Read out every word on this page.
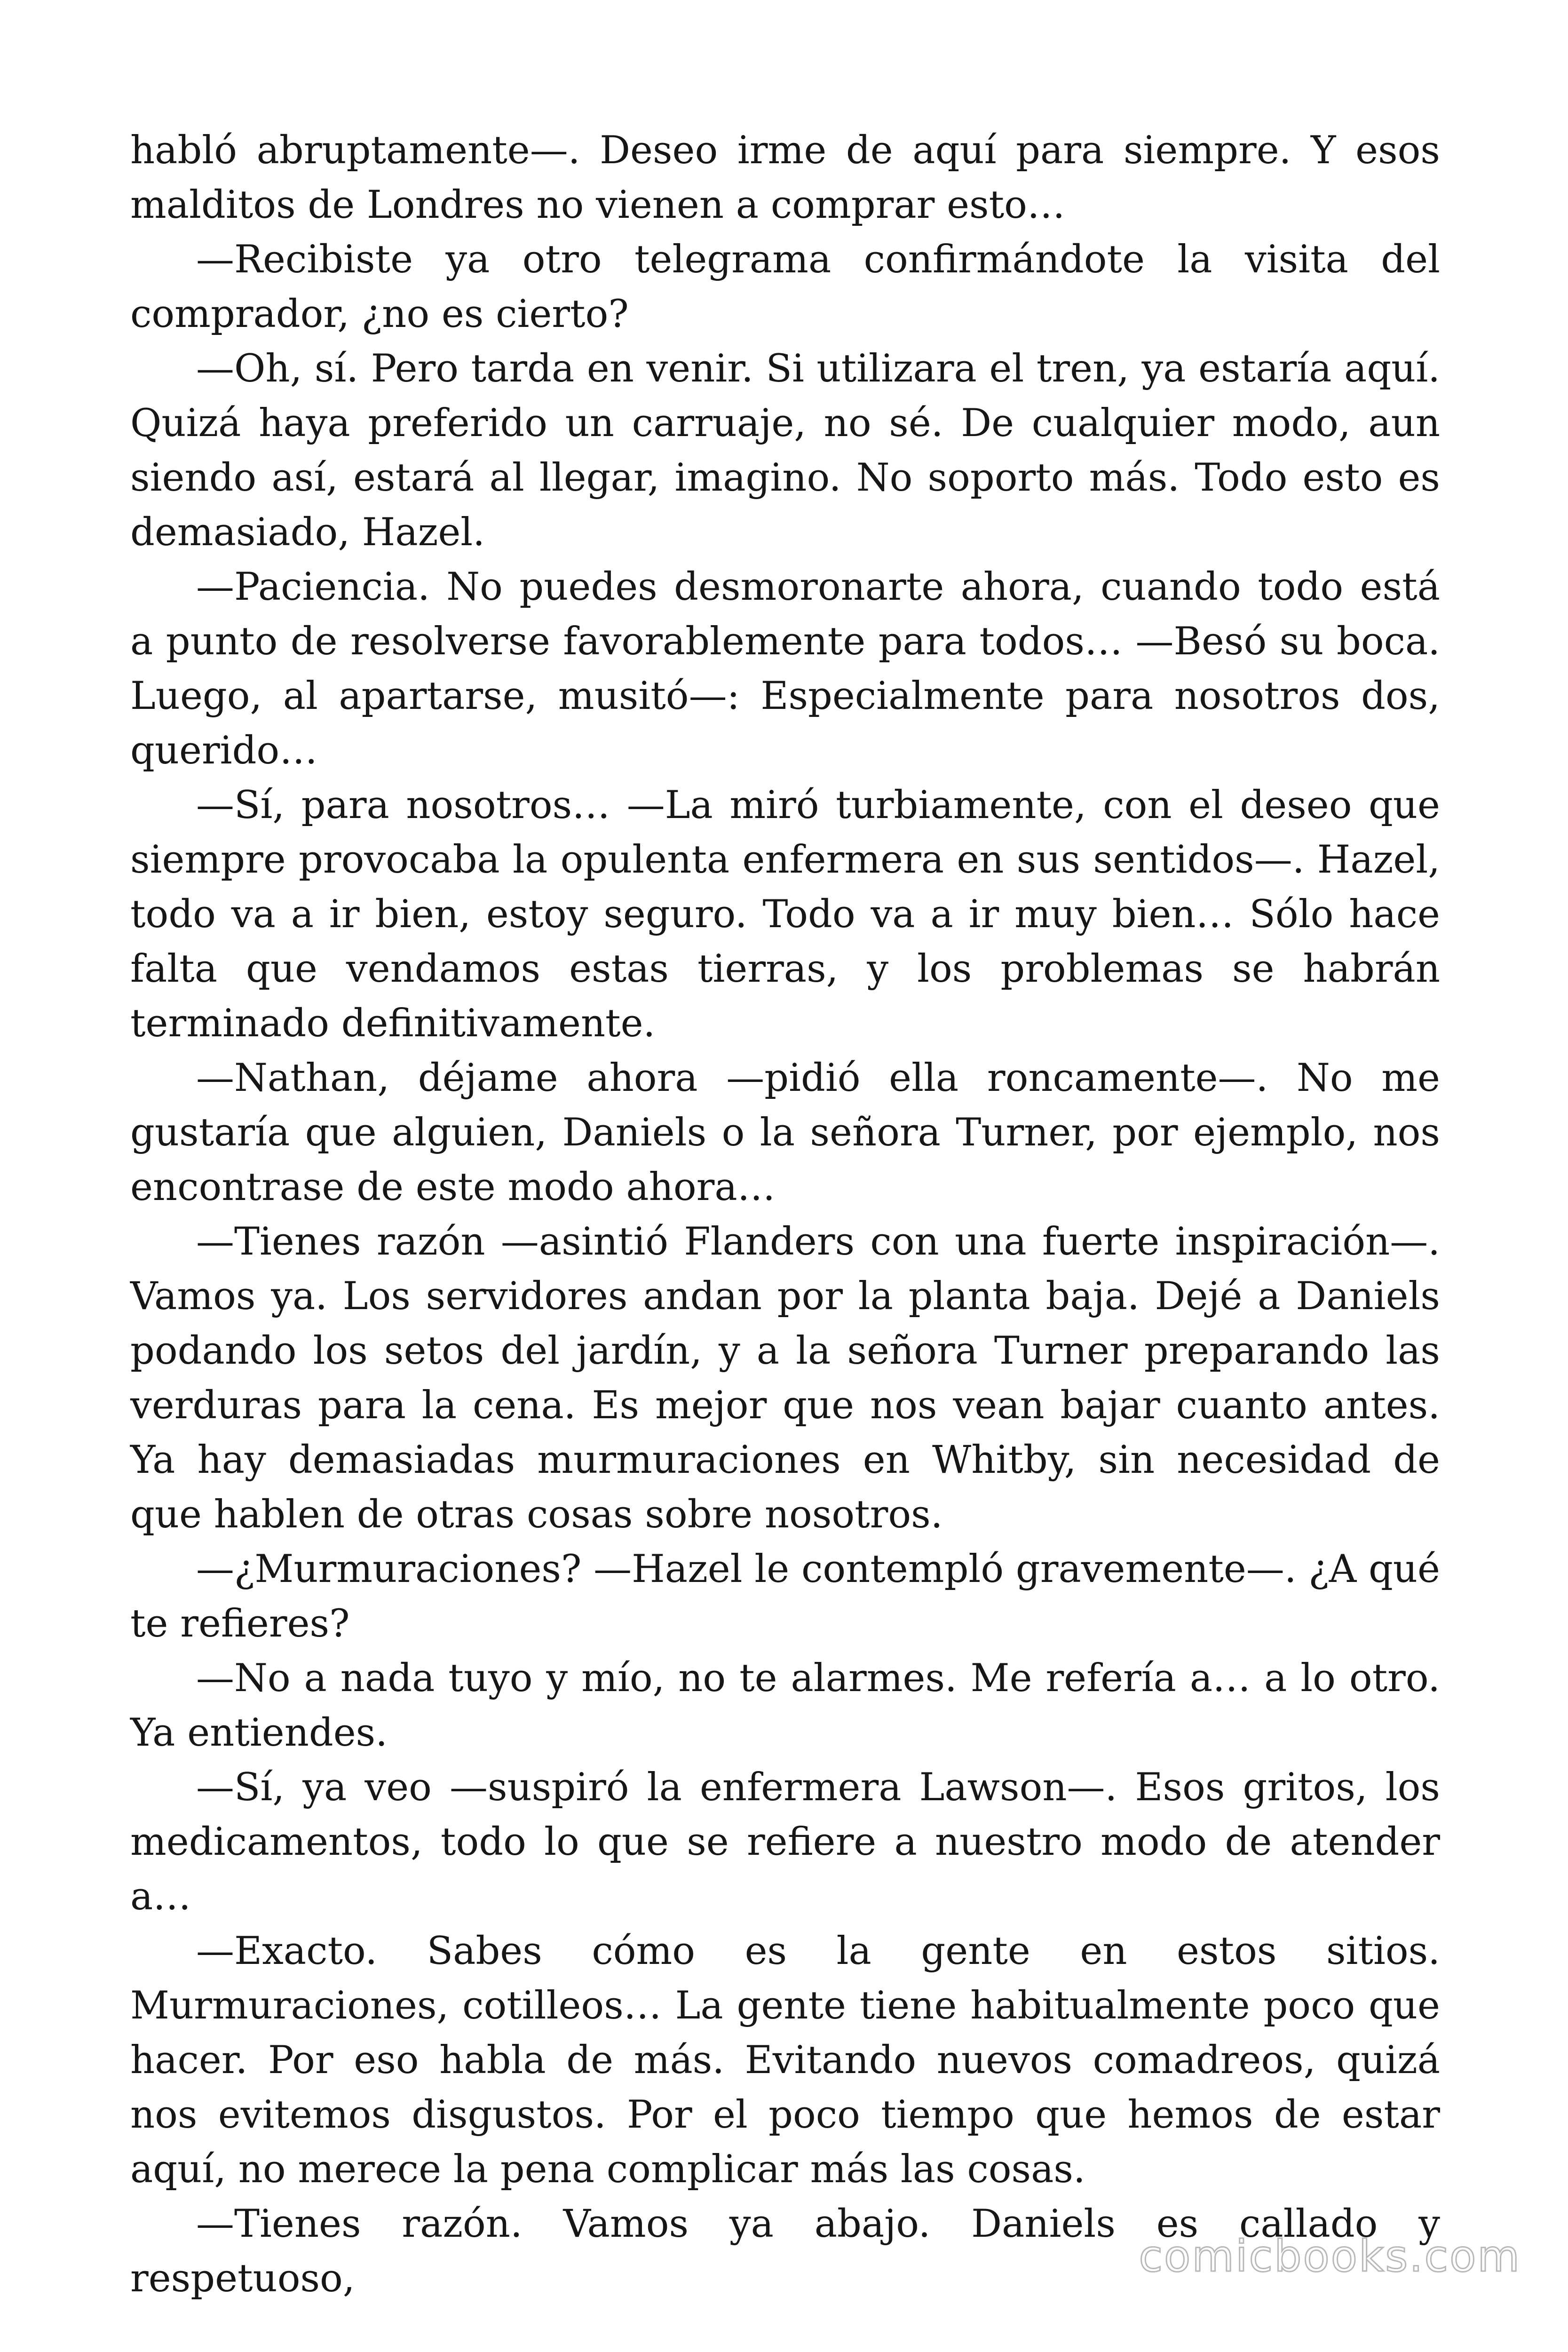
habló abruptamente—. Deseo irme de aquí para siempre. Y esos malditos de Londres no vienen a comprar esto…

—Recibiste ya otro telegrama confirmándote la visita del comprador, ¿no es cierto?

—Oh, sí. Pero tarda en venir. Si utilizara el tren, ya estaría aquí. Quizá haya preferido un carruaje, no sé. De cualquier modo, aun siendo así, estará al llegar, imagino. No soporto más. Todo esto es demasiado, Hazel.

—Paciencia. No puedes desmoronarte ahora, cuando todo está a punto de resolverse favorablemente para todos… —Besó su boca. Luego, al apartarse, musitó—: Especialmente para nosotros dos, querido…

—Sí, para nosotros… —La miró turbiamente, con el deseo que siempre provocaba la opulenta enfermera en sus sentidos—. Hazel, todo va a ir bien, estoy seguro. Todo va a ir muy bien… Sólo hace falta que vendamos estas tierras, y los problemas se habrán terminado definitivamente.

—Nathan, déjame ahora —pidió ella roncamente—. No me gustaría que alguien, Daniels o la señora Turner, por ejemplo, nos encontrase de este modo ahora…

—Tienes razón —asintió Flanders con una fuerte inspiración—. Vamos ya. Los servidores andan por la planta baja. Dejé a Daniels podando los setos del jardín, y a la señora Turner preparando las verduras para la cena. Es mejor que nos vean bajar cuanto antes. Ya hay demasiadas murmuraciones en Whitby, sin necesidad de que hablen de otras cosas sobre nosotros.

—¿Murmuraciones? —Hazel le contempló gravemente—. ¿A qué te refieres?

—No a nada tuyo y mío, no te alarmes. Me refería a… a lo otro. Ya entiendes.

—Sí, ya veo —suspiró la enfermera Lawson—. Esos gritos, los medicamentos, todo lo que se refiere a nuestro modo de atender a…

—Exacto. Sabes cómo es la gente en estos sitios. Murmuraciones, cotilleos… La gente tiene habitualmente poco que hacer. Por eso habla de más. Evitando nuevos comadreos, quizá nos evitemos disgustos. Por el poco tiempo que hemos de estar aquí, no merece la pena complicar más las cosas.

—Tienes razón. Vamos ya abajo. Daniels es callado y respetuoso,	comicbooks.com
